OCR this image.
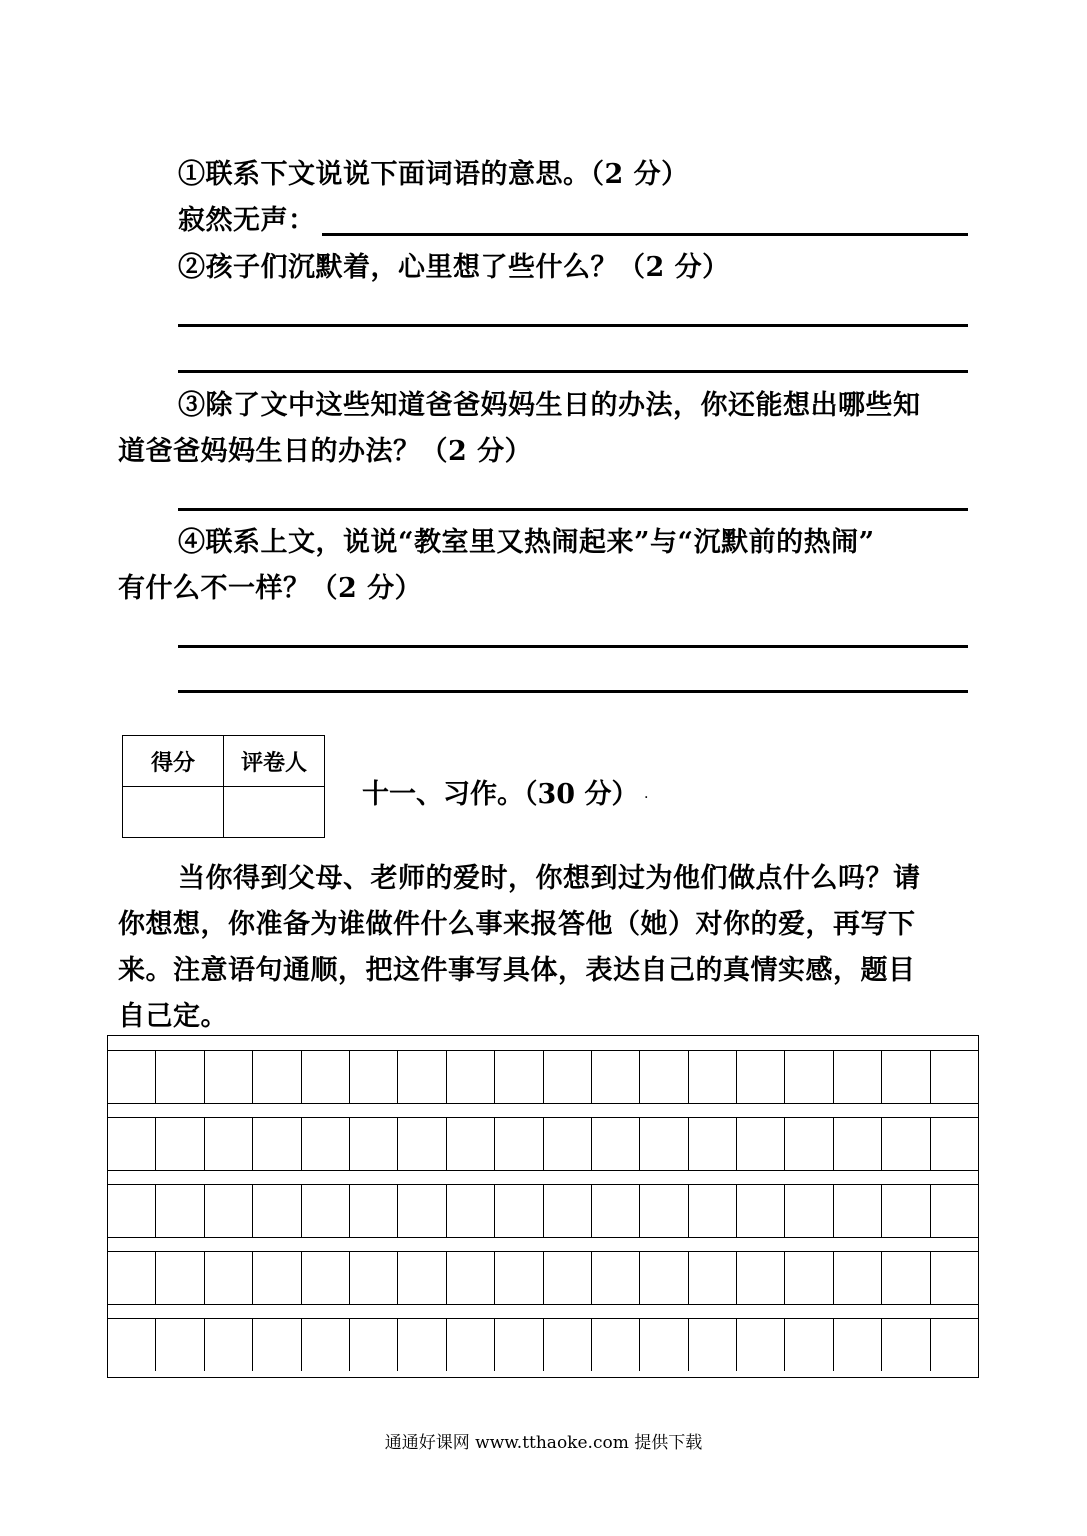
①联系下文说说下面词语的意思。（2 分）
寂然无声：
②孩子们沉默着，心里想了些什么？（2 分）
③除了文中这些知道爸爸妈妈生日的办法，你还能想出哪些知
道爸爸妈妈生日的办法？（2 分）
④联系上文，说说“教室里又热闹起来”与“沉默前的热闹”
有什么不一样？（2 分）
得分	评卷人

十一、习作。（30 分） .
当你得到父母、老师的爱时，你想到过为他们做点什么吗？请
你想想，你准备为谁做件什么事来报答他（她）对你的爱，再写下
来。注意语句通顺，把这件事写具体，表达自己的真情实感，题目
自己定。
通通好课网 www.tthaoke.com 提供下载
